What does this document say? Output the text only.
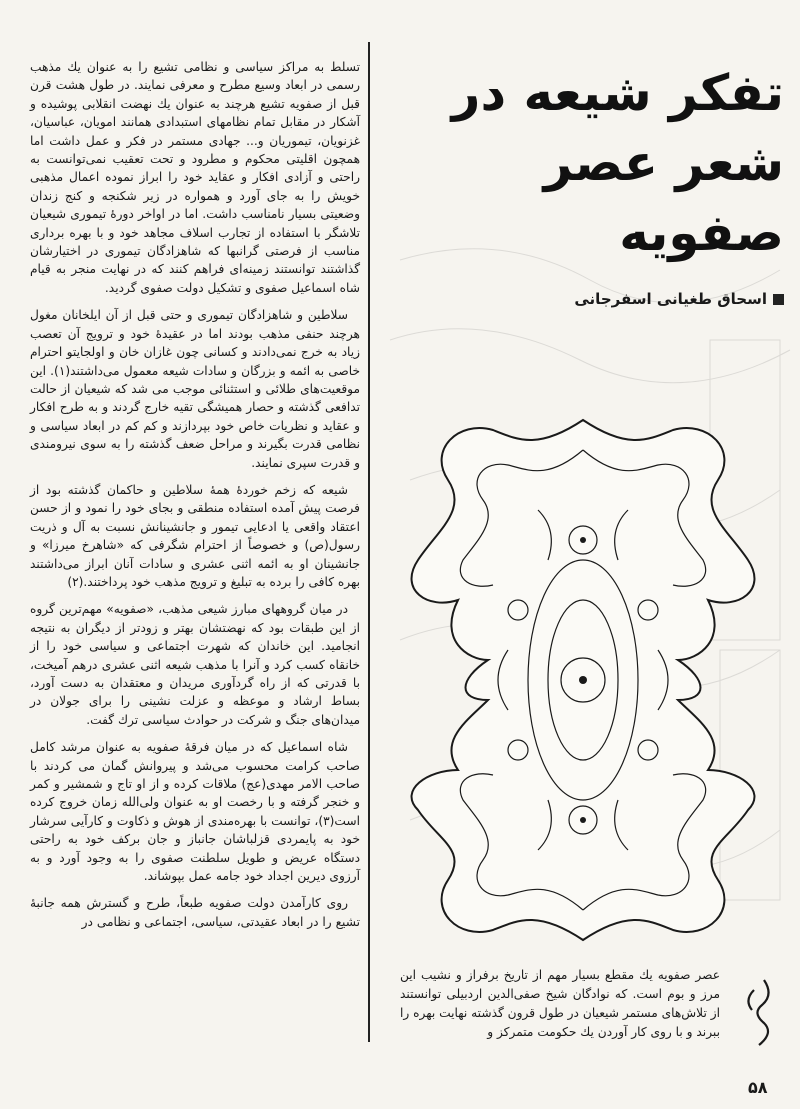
تسلط به مراکز سیاسی و نظامی تشیع را به عنوان یك مذهب رسمی در ابعاد وسیع مطرح و معرفی نمایند. در طول هشت قرن قبل از صفویه تشیع هرچند به عنوان یك نهضت انقلابی پوشیده و آشکار در مقابل تمام نظامهای استبدادی همانند امویان، عباسیان، غزنویان، تیموریان و... جهادی مستمر در فکر و عمل داشت اما همچون اقلیتی محکوم و مطرود و تحت تعقیب نمی‌توانست به راحتی و آزادی افکار و عقاید خود را ابراز نموده اعمال مذهبی خویش را به جای آورد و همواره در زیر شکنجه و کنج زندان وضعیتی بسیار نامناسب داشت. اما در اواخر دورهٔ تیموری شیعیان تلاشگر با استفاده از تجارب اسلاف مجاهد خود و با بهره برداری مناسب از فرصتی گرانبها که شاهزادگان تیموری در اختیارشان گذاشتند توانستند زمینه‌ای فراهم کنند که در نهایت منجر به قیام شاه اسماعیل صفوی و تشکیل دولت صفوی گردید.

سلاطین و شاهزادگان تیموری و حتی قبل از آن ایلخانان مغول هرچند حنفی مذهب بودند اما در عقیدهٔ خود و ترویج آن تعصب زیاد به خرج نمی‌دادند و کسانی چون غازان خان و اولجایتو احترام خاصی به ائمه و بزرگان و سادات شیعه معمول می‌داشتند(۱). این موقعیت‌های طلائی و استثنائی موجب می شد که شیعیان از حالت تدافعی گذشته و حصار همیشگی تقیه خارج گردند و به طرح افکار و عقاید و نظریات خاص خود بپردازند و کم کم در ابعاد سیاسی و نظامی قدرت بگیرند و مراحل ضعف گذشته را به سوی نیرومندی و قدرت سپری نمایند.

شیعه که زخم خوردهٔ همهٔ سلاطین و حاکمان گذشته بود از فرصت پیش آمده استفاده منطقی و بجای خود را نمود و از حسن اعتقاد واقعی یا ادعایی تیمور و جانشینانش نسبت به آل و ذریت رسول(ص) و خصوصاً از احترام شگرفی که «شاهرخ میرزا» و جانشینان او به ائمه اثنی عشری و سادات آنان ابراز می‌داشتند بهره کافی را برده به تبلیغ و ترویج مذهب خود پرداختند.(۲)

در میان گروههای مبارز شیعی مذهب، «صفویه» مهم‌ترین گروه از این طبقات بود که نهضتشان بهتر و زودتر از دیگران به نتیجه انجامید. این خاندان که شهرت اجتماعی و سیاسی خود را از خانقاه کسب کرد و آنرا با مذهب شیعه اثنی عشری درهم آمیخت، با قدرتی که از راه گردآوری مریدان و معتقدان به دست آورد، بساط ارشاد و موعظه و عزلت نشینی را برای جولان در میدان‌های جنگ و شرکت در حوادث سیاسی ترك گفت.

شاه اسماعیل که در میان فرقهٔ صفویه به عنوان مرشد کامل صاحب کرامت محسوب می‌شد و پیروانش گمان می کردند با صاحب الامر مهدی(عج) ملاقات کرده و از او تاج و شمشیر و کمر و خنجر گرفته و با رخصت او به عنوان ولی‌الله زمان خروج کرده است(۳)، توانست با بهره‌مندی از هوش و ذکاوت و کارآیی سرشار خود به پایمردی قزلباشان جانباز و جان برکف خود به راحتی دستگاه عریض و طویل سلطنت صفوی را به وجود آورد و به آرزوی دیرین اجداد خود جامه عمل بپوشاند.

روی کارآمدن دولت صفویه طبعاً، طرح و گسترش همه جانبهٔ تشیع را در ابعاد عقیدتی، سیاسی، اجتماعی و نظامی در

تفکر شیعه در
شعر عصر صفویه
اسحاق طغیانی اسفرجانی
عصر صفویه یك مقطع بسیار مهم از تاریخ برفراز و نشیب این مرز و بوم است. که نوادگان شیخ صفی‌الدین اردبیلی توانستند از تلاش‌های مستمر شیعیان در طول قرون گذشته نهایت بهره را ببرند و با روی کار آوردن یك حکومت متمرکز و
۵۸
